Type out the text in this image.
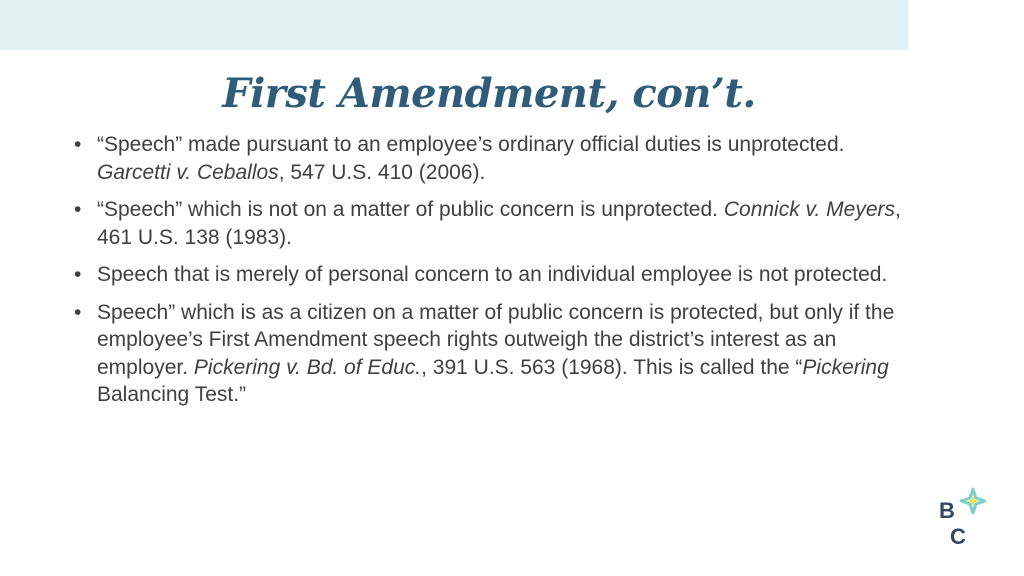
First Amendment, con’t.
• “Speech” made pursuant to an employee’s ordinary official duties is unprotected. Garcetti v. Ceballos, 547 U.S. 410 (2006).
• “Speech” which is not on a matter of public concern is unprotected. Connick v. Meyers, 461 U.S. 138 (1983).
• Speech that is merely of personal concern to an individual employee is not protected.
• Speech” which is as a citizen on a matter of public concern is protected, but only if the employee’s First Amendment speech rights outweigh the district’s interest as an employer. Pickering v. Bd. of Educ., 391 U.S. 563 (1968). This is called the “Pickering Balancing Test.”
B
C
